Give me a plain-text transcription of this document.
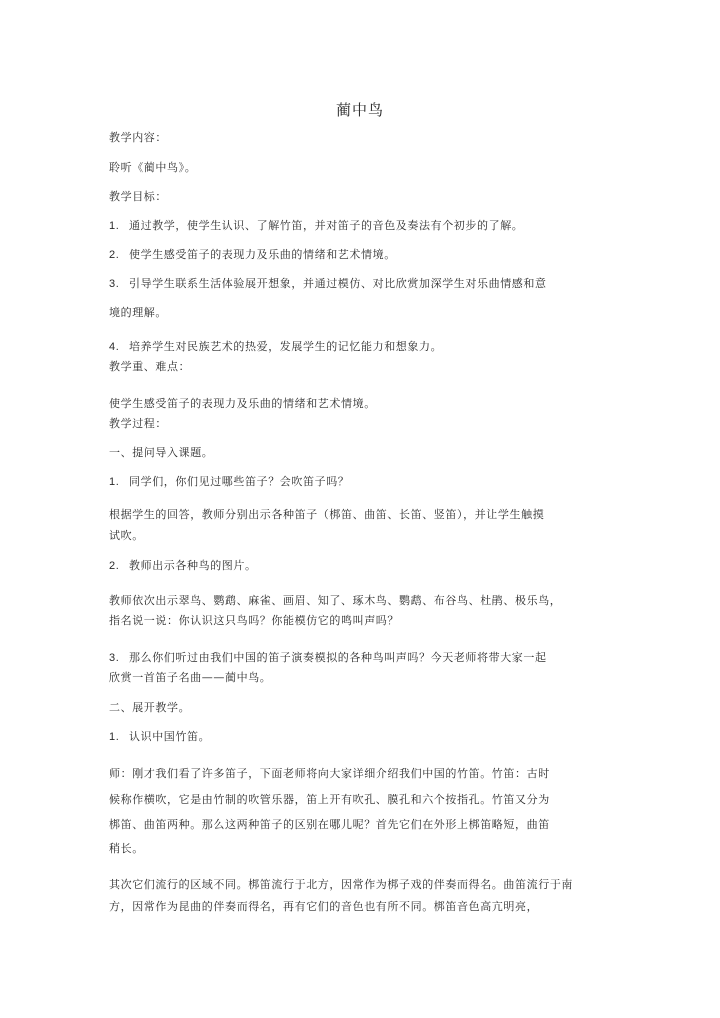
蔺中鸟
教学内容：
聆听《蔺中鸟》。
教学目标：
1. 通过教学，使学生认识、了解竹笛，并对笛子的音色及奏法有个初步的了解。
2. 使学生感受笛子的表现力及乐曲的情绪和艺术情境。
3. 引导学生联系生活体验展开想象，并通过模仿、对比欣赏加深学生对乐曲情感和意
境的理解。
4. 培养学生对民族艺术的热爱，发展学生的记忆能力和想象力。
教学重、难点：
使学生感受笛子的表现力及乐曲的情绪和艺术情境。
教学过程：
一、提问导入课题。
1. 同学们，你们见过哪些笛子？会吹笛子吗？
根据学生的回答，教师分别出示各种笛子（梆笛、曲笛、长笛、竖笛），并让学生触摸
试吹。
2. 教师出示各种鸟的图片。
教师依次出示翠鸟、鹦鹉、麻雀、画眉、知了、琢木鸟、鹦鹉、布谷鸟、杜鹃、极乐鸟，
指名说一说：你认识这只鸟吗？你能模仿它的鸣叫声吗？
3. 那么你们听过由我们中国的笛子演奏模拟的各种鸟叫声吗？今天老师将带大家一起
欣赏一首笛子名曲——蔺中鸟。
二、展开教学。
1. 认识中国竹笛。
师：刚才我们看了许多笛子，下面老师将向大家详细介绍我们中国的竹笛。竹笛：古时
候称作横吹，它是由竹制的吹管乐器，笛上开有吹孔、膜孔和六个按指孔。竹笛又分为
梆笛、曲笛两种。那么这两种笛子的区别在哪儿呢？首先它们在外形上梆笛略短，曲笛
稍长。
其次它们流行的区域不同。梆笛流行于北方，因常作为梆子戏的伴奏而得名。曲笛流行于南
方，因常作为昆曲的伴奏而得名，再有它们的音色也有所不同。梆笛音色高亢明亮，
